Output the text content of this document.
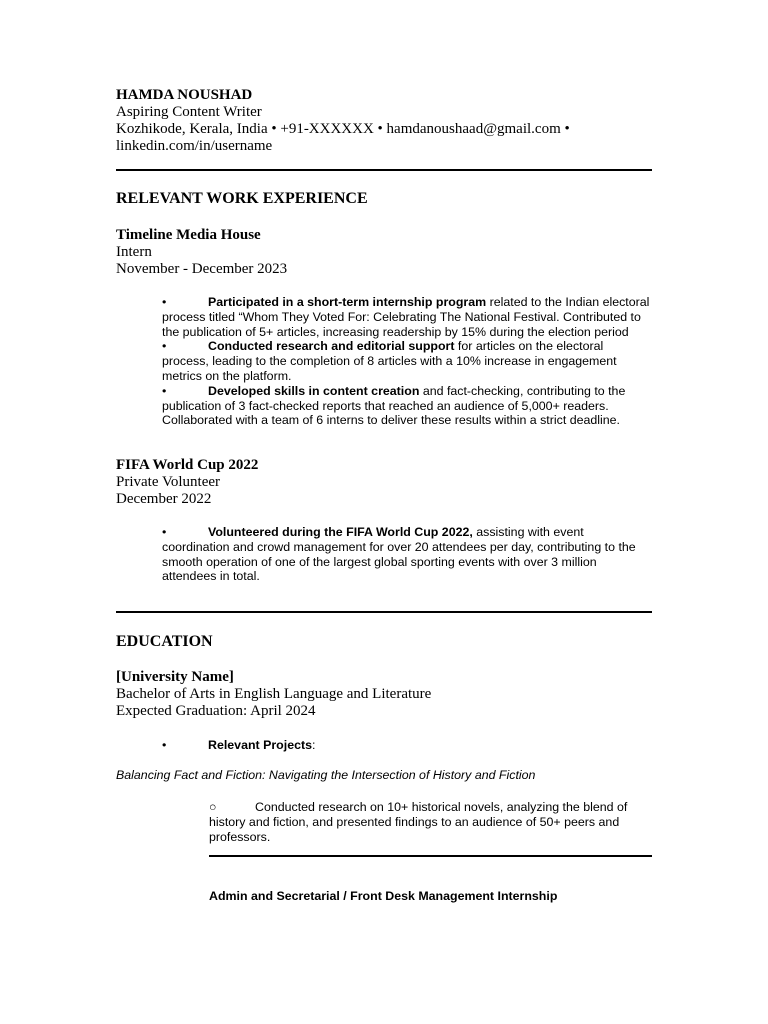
HAMDA NOUSHAD

Aspiring Content Writer

Kozhikode, Kerala, India • +91-XXXXXX • hamdanoushaad@gmail.com •

linkedin.com/in/username

RELEVANT WORK EXPERIENCE

Timeline Media House

Intern

November - December 2023

•	Participated in a short-term internship program related to the Indian electoral process titled “Whom They Voted For: Celebrating The National Festival. Contributed to the publication of 5+ articles, increasing readership by 15% during the election period
•	Conducted research and editorial support for articles on the electoral process, leading to the completion of 8 articles with a 10% increase in engagement metrics on the platform.
•	Developed skills in content creation and fact-checking, contributing to the publication of 3 fact-checked reports that reached an audience of 5,000+ readers. Collaborated with a team of 6 interns to deliver these results within a strict deadline.

FIFA World Cup 2022

Private Volunteer

December 2022

•	Volunteered during the FIFA World Cup 2022, assisting with event coordination and crowd management for over 20 attendees per day, contributing to the smooth operation of one of the largest global sporting events with over 3 million attendees in total.

EDUCATION

[University Name]

Bachelor of Arts in English Language and Literature

Expected Graduation: April 2024

•	Relevant Projects:

Balancing Fact and Fiction: Navigating the Intersection of History and Fiction

○	Conducted research on 10+ historical novels, analyzing the blend of history and fiction, and presented findings to an audience of 50+ peers and professors.

Admin and Secretarial / Front Desk Management Internship
